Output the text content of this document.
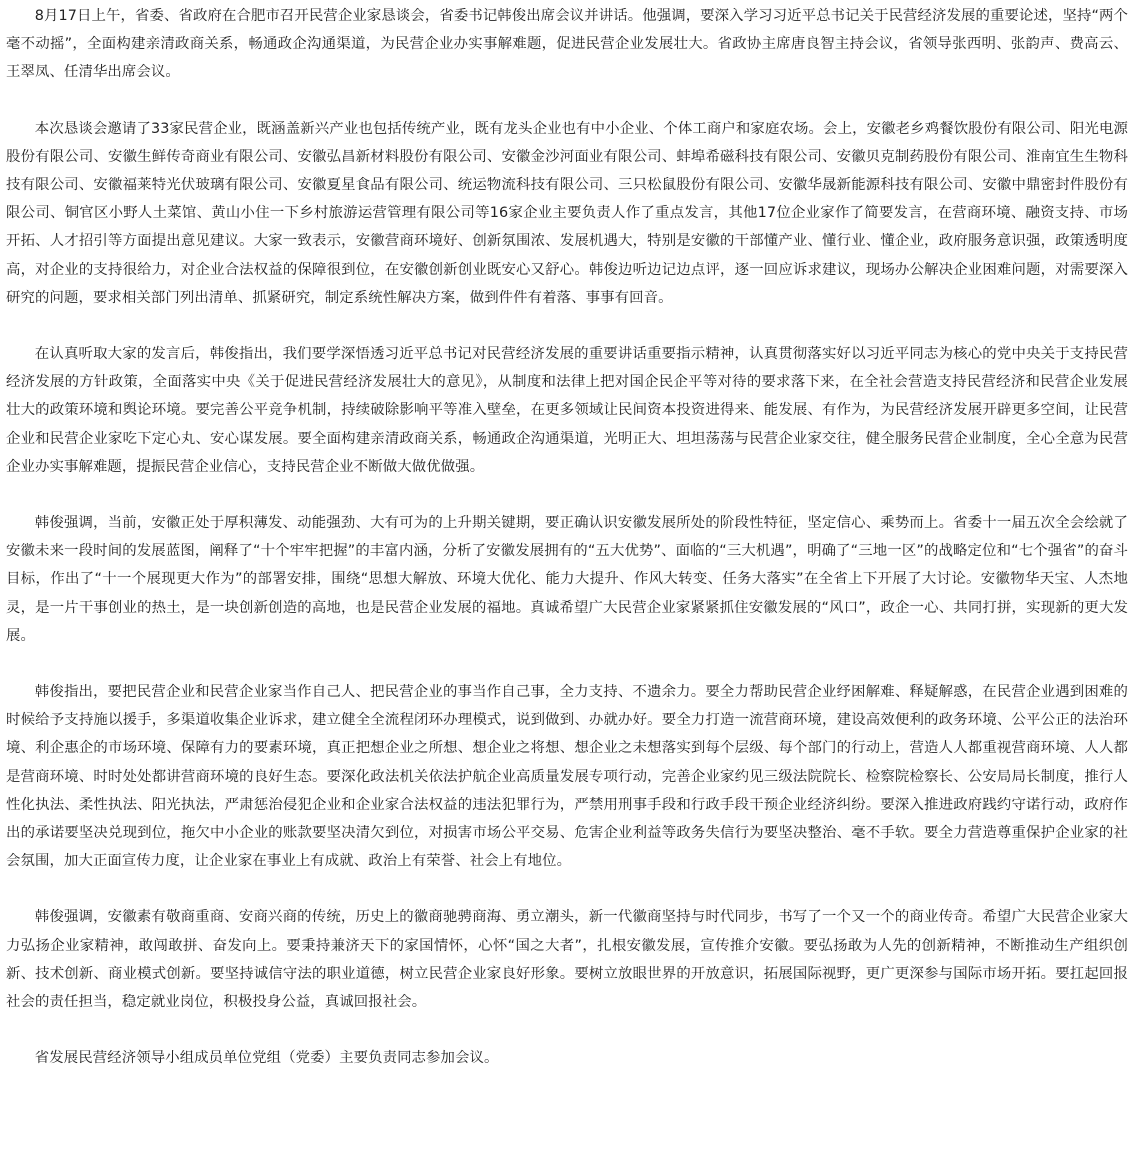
8月17日上午，省委、省政府在合肥市召开民营企业家恳谈会，省委书记韩俊出席会议并讲话。他强调，要深入学习习近平总书记关于民营经济发展的重要论述，坚持“两个毫不动摇”，全面构建亲清政商关系，畅通政企沟通渠道，为民营企业办实事解难题，促进民营企业发展壮大。省政协主席唐良智主持会议，省领导张西明、张韵声、费高云、王翠凤、任清华出席会议。

本次恳谈会邀请了33家民营企业，既涵盖新兴产业也包括传统产业，既有龙头企业也有中小企业、个体工商户和家庭农场。会上，安徽老乡鸡餐饮股份有限公司、阳光电源股份有限公司、安徽生鲜传奇商业有限公司、安徽弘昌新材料股份有限公司、安徽金沙河面业有限公司、蚌埠希磁科技有限公司、安徽贝克制药股份有限公司、淮南宜生生物科技有限公司、安徽福莱特光伏玻璃有限公司、安徽夏星食品有限公司、统运物流科技有限公司、三只松鼠股份有限公司、安徽华晟新能源科技有限公司、安徽中鼎密封件股份有限公司、铜官区小野人土菜馆、黄山小住一下乡村旅游运营管理有限公司等16家企业主要负责人作了重点发言，其他17位企业家作了简要发言，在营商环境、融资支持、市场开拓、人才招引等方面提出意见建议。大家一致表示，安徽营商环境好、创新氛围浓、发展机遇大，特别是安徽的干部懂产业、懂行业、懂企业，政府服务意识强，政策透明度高，对企业的支持很给力，对企业合法权益的保障很到位，在安徽创新创业既安心又舒心。韩俊边听边记边点评，逐一回应诉求建议，现场办公解决企业困难问题，对需要深入研究的问题，要求相关部门列出清单、抓紧研究，制定系统性解决方案，做到件件有着落、事事有回音。

在认真听取大家的发言后，韩俊指出，我们要学深悟透习近平总书记对民营经济发展的重要讲话重要指示精神，认真贯彻落实好以习近平同志为核心的党中央关于支持民营经济发展的方针政策，全面落实中央《关于促进民营经济发展壮大的意见》，从制度和法律上把对国企民企平等对待的要求落下来，在全社会营造支持民营经济和民营企业发展壮大的政策环境和舆论环境。要完善公平竞争机制，持续破除影响平等准入壁垒，在更多领域让民间资本投资进得来、能发展、有作为，为民营经济发展开辟更多空间，让民营企业和民营企业家吃下定心丸、安心谋发展。要全面构建亲清政商关系，畅通政企沟通渠道，光明正大、坦坦荡荡与民营企业家交往，健全服务民营企业制度，全心全意为民营企业办实事解难题，提振民营企业信心，支持民营企业不断做大做优做强。

韩俊强调，当前，安徽正处于厚积薄发、动能强劲、大有可为的上升期关键期，要正确认识安徽发展所处的阶段性特征，坚定信心、乘势而上。省委十一届五次全会绘就了安徽未来一段时间的发展蓝图，阐释了“十个牢牢把握”的丰富内涵，分析了安徽发展拥有的“五大优势”、面临的“三大机遇”，明确了“三地一区”的战略定位和“七个强省”的奋斗目标，作出了“十一个展现更大作为”的部署安排，围绕“思想大解放、环境大优化、能力大提升、作风大转变、任务大落实”在全省上下开展了大讨论。安徽物华天宝、人杰地灵，是一片干事创业的热土，是一块创新创造的高地，也是民营企业发展的福地。真诚希望广大民营企业家紧紧抓住安徽发展的“风口”，政企一心、共同打拼，实现新的更大发展。

韩俊指出，要把民营企业和民营企业家当作自己人、把民营企业的事当作自己事，全力支持、不遗余力。要全力帮助民营企业纾困解难、释疑解惑，在民营企业遇到困难的时候给予支持施以援手，多渠道收集企业诉求，建立健全全流程闭环办理模式，说到做到、办就办好。要全力打造一流营商环境，建设高效便利的政务环境、公平公正的法治环境、利企惠企的市场环境、保障有力的要素环境，真正把想企业之所想、想企业之将想、想企业之未想落实到每个层级、每个部门的行动上，营造人人都重视营商环境、人人都是营商环境、时时处处都讲营商环境的良好生态。要深化政法机关依法护航企业高质量发展专项行动，完善企业家约见三级法院院长、检察院检察长、公安局局长制度，推行人性化执法、柔性执法、阳光执法，严肃惩治侵犯企业和企业家合法权益的违法犯罪行为，严禁用刑事手段和行政手段干预企业经济纠纷。要深入推进政府践约守诺行动，政府作出的承诺要坚决兑现到位，拖欠中小企业的账款要坚决清欠到位，对损害市场公平交易、危害企业利益等政务失信行为要坚决整治、毫不手软。要全力营造尊重保护企业家的社会氛围，加大正面宣传力度，让企业家在事业上有成就、政治上有荣誉、社会上有地位。

韩俊强调，安徽素有敬商重商、安商兴商的传统，历史上的徽商驰骋商海、勇立潮头，新一代徽商坚持与时代同步，书写了一个又一个的商业传奇。希望广大民营企业家大力弘扬企业家精神，敢闯敢拼、奋发向上。要秉持兼济天下的家国情怀，心怀“国之大者”，扎根安徽发展，宣传推介安徽。要弘扬敢为人先的创新精神，不断推动生产组织创新、技术创新、商业模式创新。要坚持诚信守法的职业道德，树立民营企业家良好形象。要树立放眼世界的开放意识，拓展国际视野，更广更深参与国际市场开拓。要扛起回报社会的责任担当，稳定就业岗位，积极投身公益，真诚回报社会。

省发展民营经济领导小组成员单位党组（党委）主要负责同志参加会议。
